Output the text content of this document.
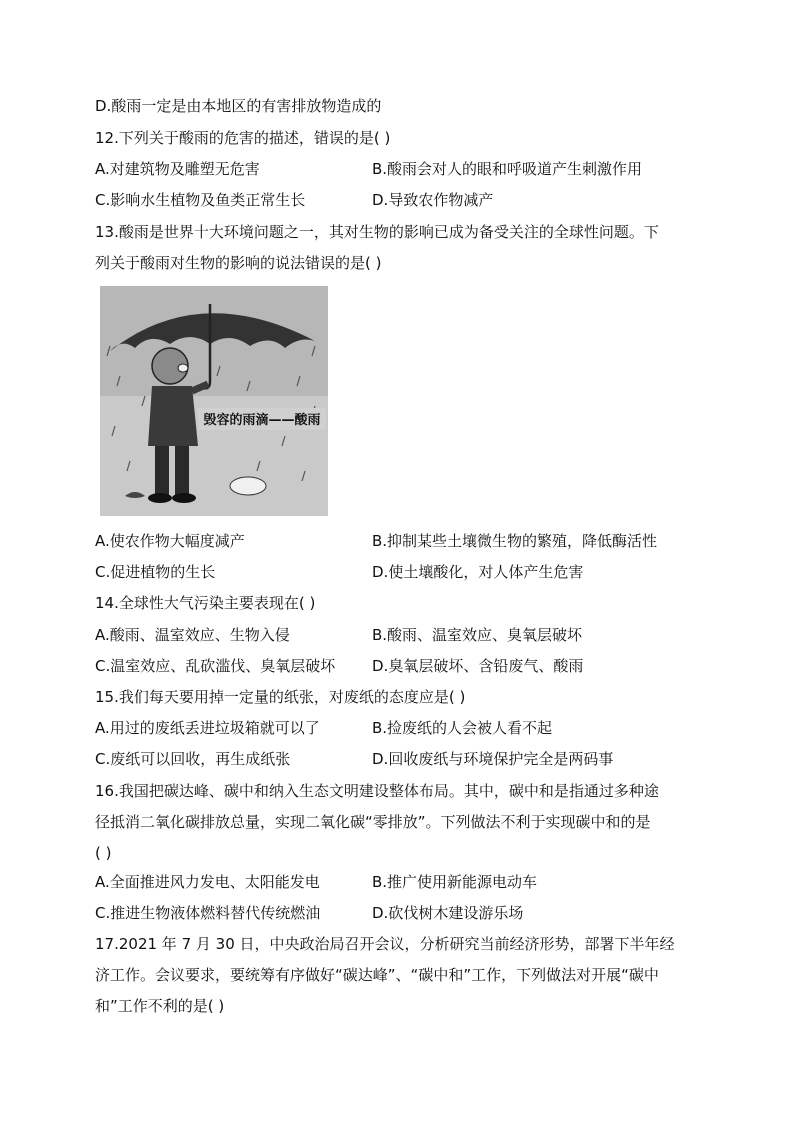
D.酸雨一定是由本地区的有害排放物造成的
12.下列关于酸雨的危害的描述，错误的是( )
A.对建筑物及雕塑无危害	B.酸雨会对人的眼和呼吸道产生刺激作用
C.影响水生植物及鱼类正常生长	D.导致农作物减产
13.酸雨是世界十大环境问题之一，其对生物的影响已成为备受关注的全球性问题。下
列关于酸雨对生物的影响的说法错误的是( )
毁容的雨滴——酸雨
A.使农作物大幅度减产	B.抑制某些土壤微生物的繁殖，降低酶活性
C.促进植物的生长	D.使土壤酸化，对人体产生危害
14.全球性大气污染主要表现在( )
A.酸雨、温室效应、生物入侵	B.酸雨、温室效应、臭氧层破坏
C.温室效应、乱砍滥伐、臭氧层破坏 D.臭氧层破坏、含铅废气、酸雨
15.我们每天要用掉一定量的纸张，对废纸的态度应是( )
A.用过的废纸丢进垃圾箱就可以了	B.捡废纸的人会被人看不起
C.废纸可以回收，再生成纸张	D.回收废纸与环境保护完全是两码事
16.我国把碳达峰、碳中和纳入生态文明建设整体布局。其中，碳中和是指通过多种途
径抵消二氧化碳排放总量，实现二氧化碳“零排放”。下列做法不利于实现碳中和的是
( )
A.全面推进风力发电、太阳能发电	B.推广使用新能源电动车
C.推进生物液体燃料替代传统燃油	D.砍伐树木建设游乐场
17.2021 年 7 月 30 日，中央政治局召开会议，分析研究当前经济形势，部署下半年经
济工作。会议要求，要统筹有序做好“碳达峰”、“碳中和”工作，下列做法对开展“碳中
和”工作不利的是( )
